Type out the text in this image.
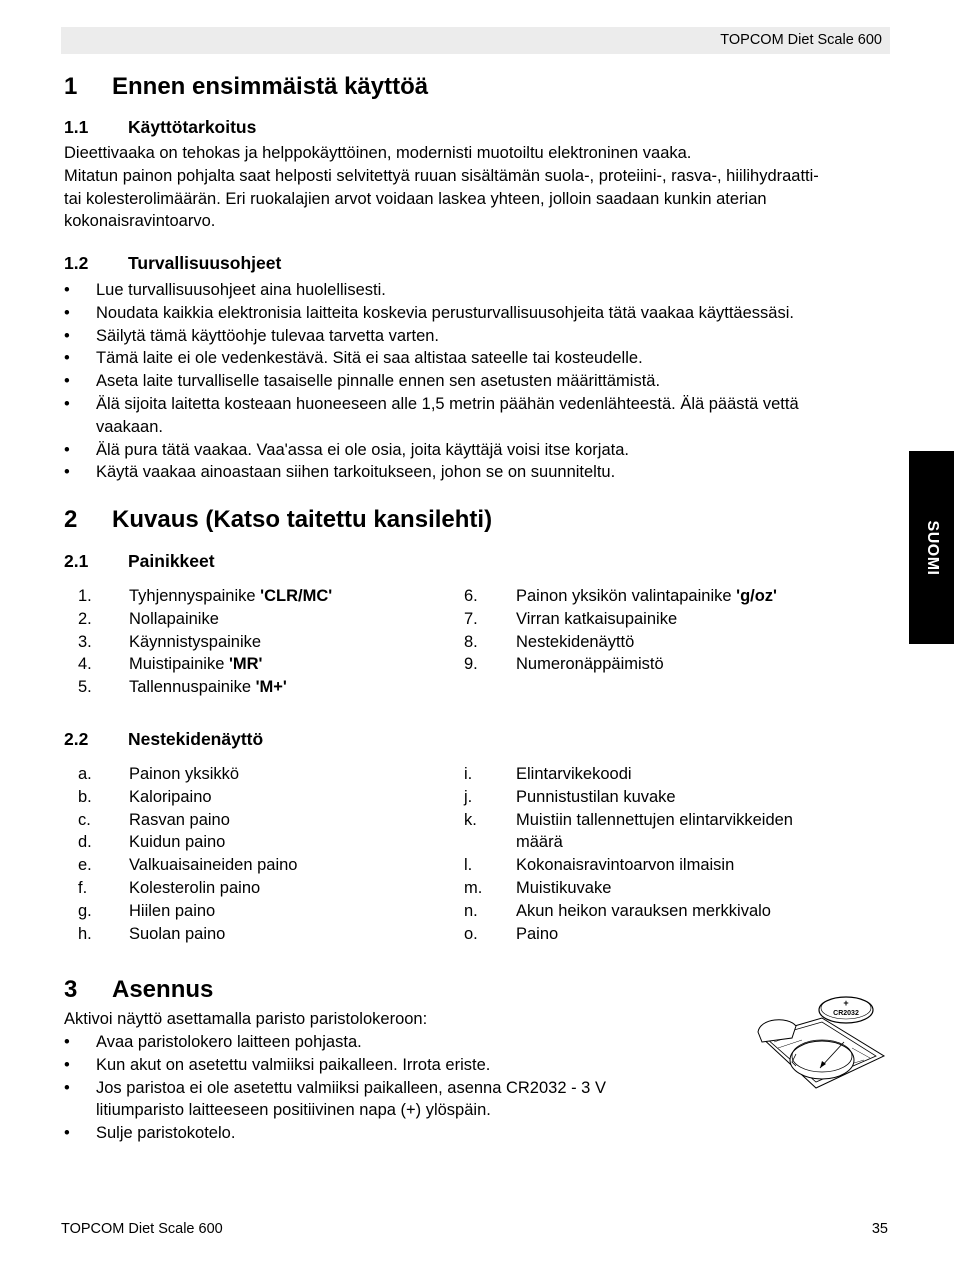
TOPCOM Diet Scale 600
SUOMI
1 Ennen ensimmäistä käyttöä
1.1 Käyttötarkoitus
Dieettivaaka on tehokas ja helppokäyttöinen, modernisti muotoiltu elektroninen vaaka.
Mitatun painon pohjalta saat helposti selvitettyä ruuan sisältämän suola-, proteiini-, rasva-, hiilihydraatti-
tai kolesterolimäärän. Eri ruokalajien arvot voidaan laskea yhteen, jolloin saadaan kunkin aterian
kokonaisravintoarvo.
1.2 Turvallisuusohjeet
• Lue turvallisuusohjeet aina huolellisesti.
• Noudata kaikkia elektronisia laitteita koskevia perusturvallisuusohjeita tätä vaakaa käyttäessäsi.
• Säilytä tämä käyttöohje tulevaa tarvetta varten.
• Tämä laite ei ole vedenkestävä. Sitä ei saa altistaa sateelle tai kosteudelle.
• Aseta laite turvalliselle tasaiselle pinnalle ennen sen asetusten määrittämistä.
• Älä sijoita laitetta kosteaan huoneeseen alle 1,5 metrin päähän vedenlähteestä. Älä päästä vettä
vaakaan.
• Älä pura tätä vaakaa. Vaa'assa ei ole osia, joita käyttäjä voisi itse korjata.
• Käytä vaakaa ainoastaan siihen tarkoitukseen, johon se on suunniteltu.
2 Kuvaus (Katso taitettu kansilehti)
2.1 Painikkeet
1. Tyhjennyspainike 'CLR/MC'
2. Nollapainike
3. Käynnistyspainike
4. Muistipainike 'MR'
5. Tallennuspainike 'M+'
6. Painon yksikön valintapainike 'g/oz'
7. Virran katkaisupainike
8. Nestekidenäyttö
9. Numeronäppäimistö
2.2 Nestekidenäyttö
a. Painon yksikkö
b. Kaloripaino
c. Rasvan paino
d. Kuidun paino
e. Valkuaisaineiden paino
f.	Kolesterolin paino
g. Hiilen paino
h. Suolan paino
i.	Elintarvikekoodi
j.	Punnistustilan kuvake
k. Muistiin tallennettujen elintarvikkeiden
määrä
l.	Kokonaisravintoarvon ilmaisin
m. Muistikuvake
n. Akun heikon varauksen merkkivalo
o. Paino
3 Asennus
Aktivoi näyttö asettamalla paristo paristolokeroon:
• Avaa paristolokero laitteen pohjasta.
• Kun akut on asetettu valmiiksi paikalleen. Irrota eriste.
• Jos paristoa ei ole asetettu valmiiksi paikalleen, asenna CR2032 - 3 V
litiumparisto laitteeseen positiivinen napa (+) ylöspäin.
• Sulje paristokotelo.
+
CR2032
TOPCOM Diet Scale 600	35
